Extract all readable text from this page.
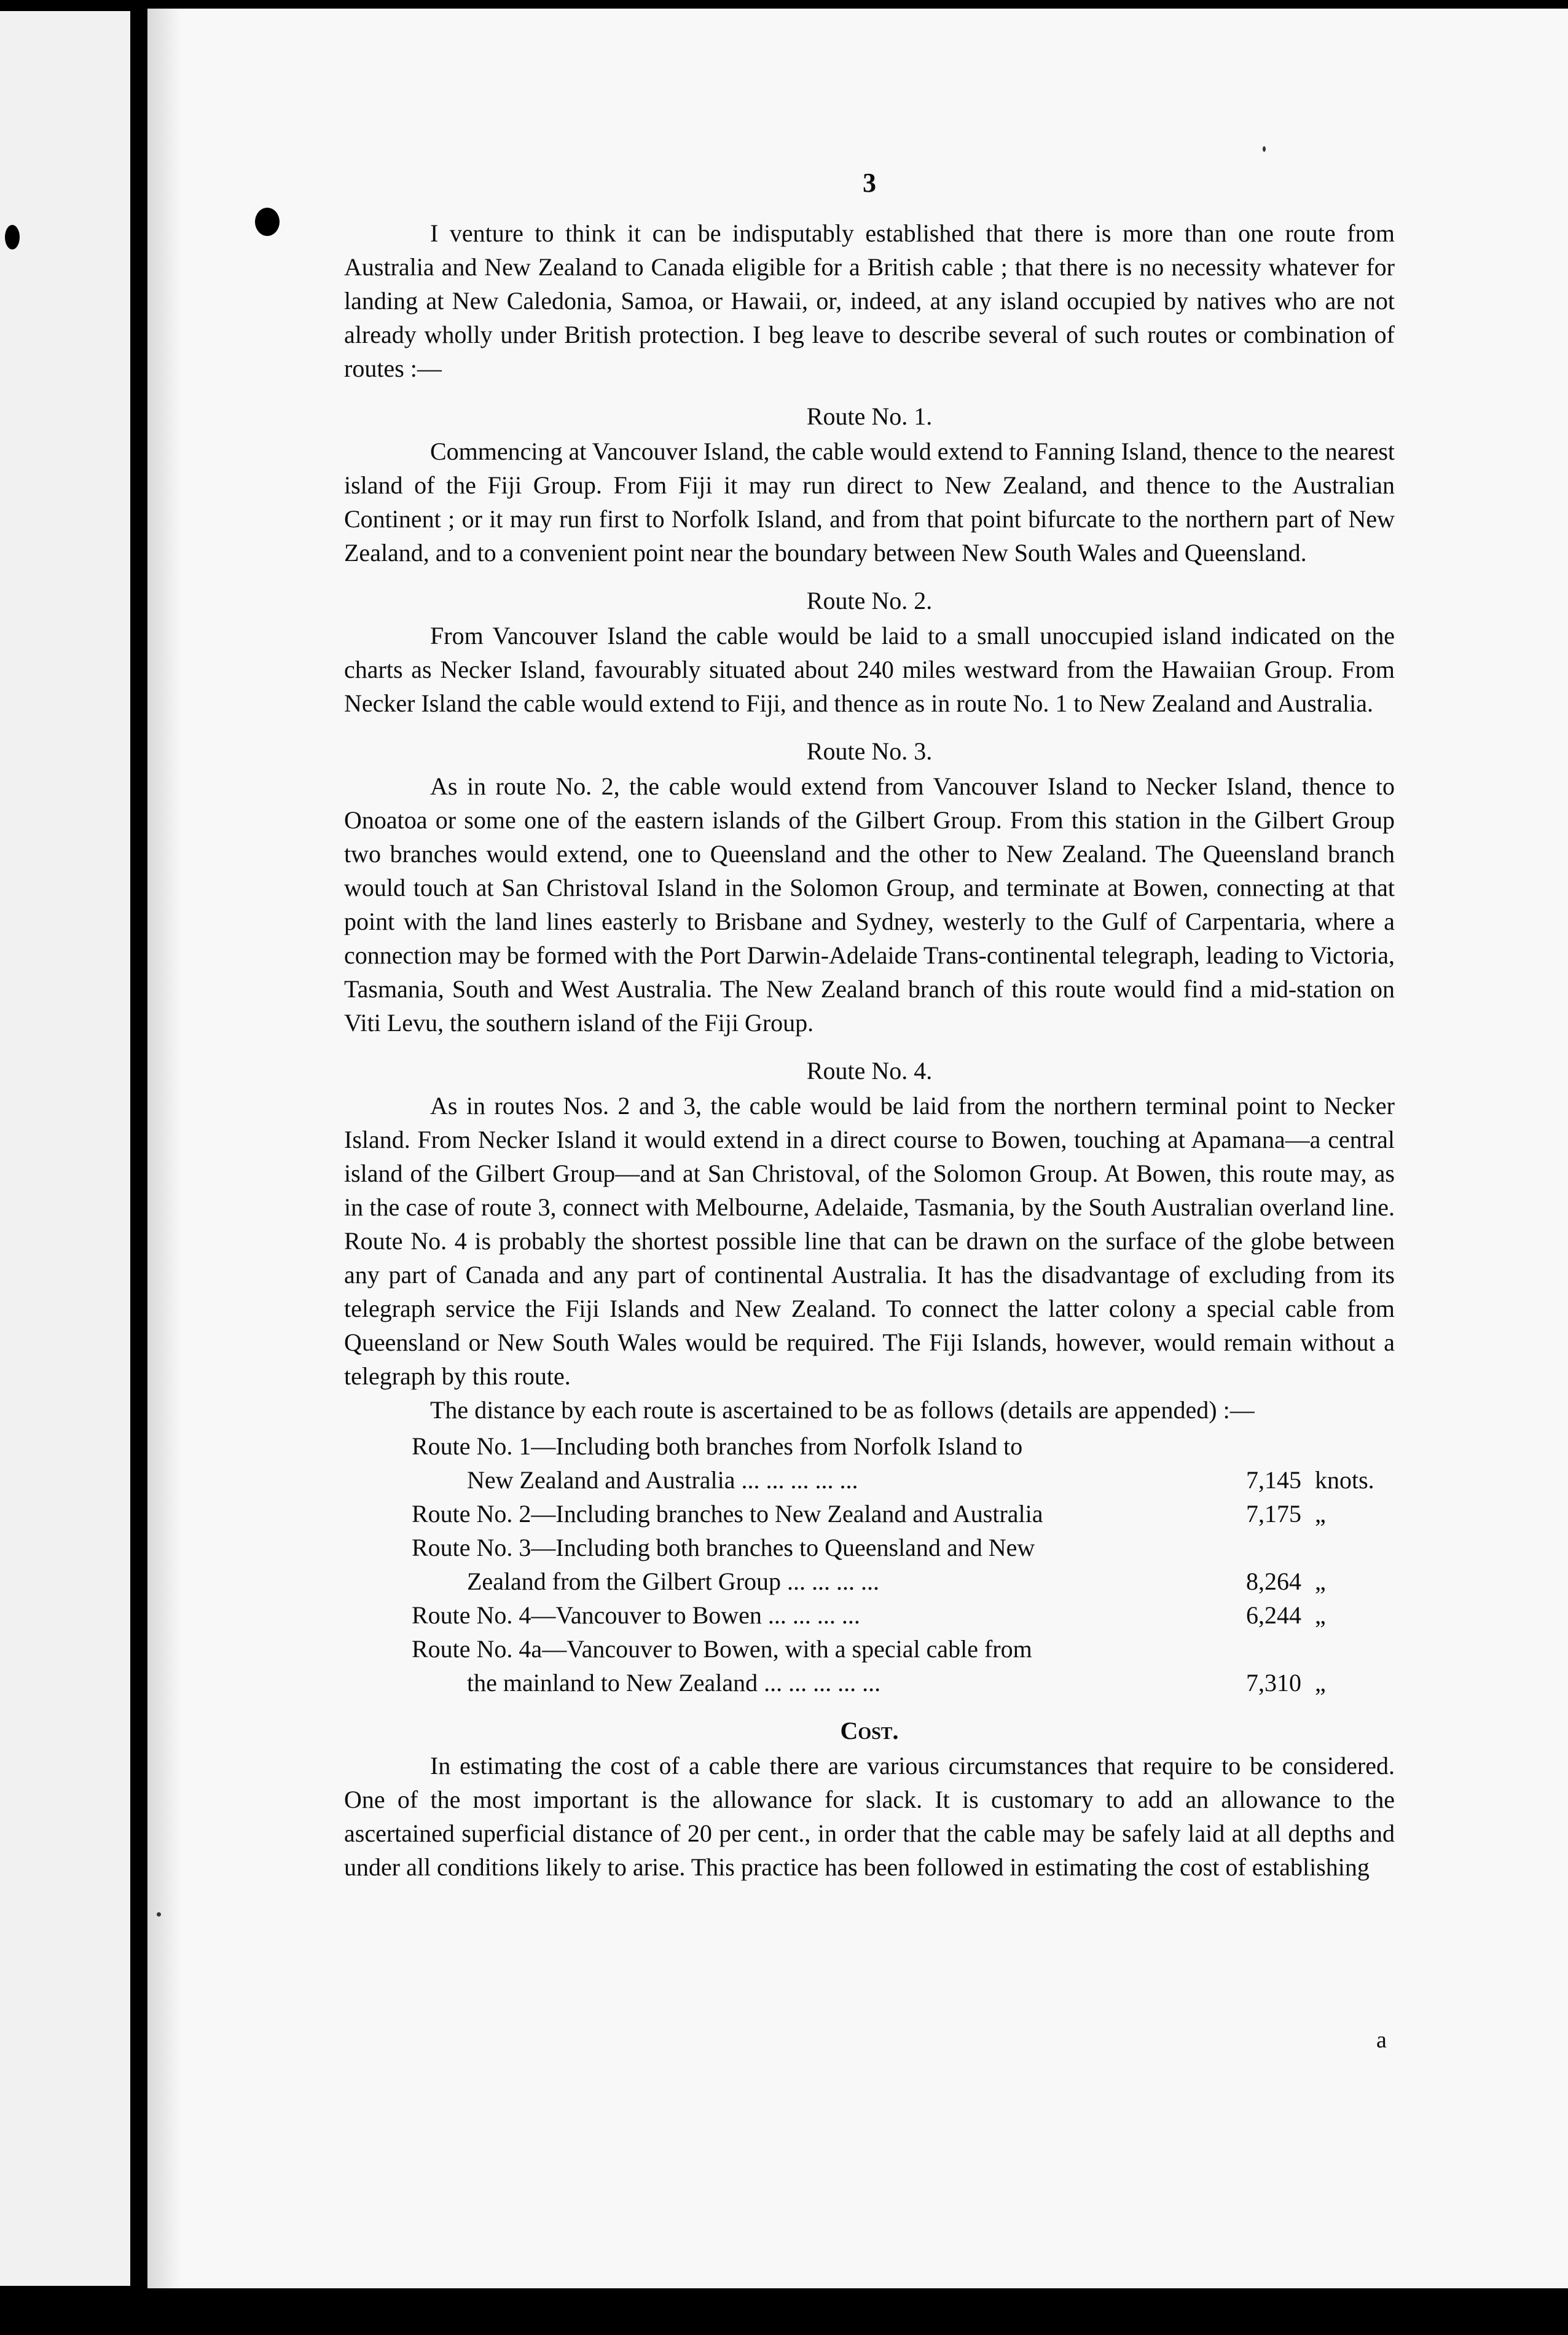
3

I venture to think it can be indisputably established that there is more than one route from Australia and New Zealand to Canada eligible for a British cable ; that there is no necessity whatever for landing at New Caledonia, Samoa, or Hawaii, or, indeed, at any island occupied by natives who are not already wholly under British protection. I beg leave to describe several of such routes or combination of routes :—

Route No. 1.

Commencing at Vancouver Island, the cable would extend to Fanning Island, thence to the nearest island of the Fiji Group. From Fiji it may run direct to New Zealand, and thence to the Australian Continent ; or it may run first to Norfolk Island, and from that point bifurcate to the northern part of New Zealand, and to a convenient point near the boundary between New South Wales and Queensland.

Route No. 2.

From Vancouver Island the cable would be laid to a small unoccupied island indicated on the charts as Necker Island, favourably situated about 240 miles westward from the Hawaiian Group. From Necker Island the cable would extend to Fiji, and thence as in route No. 1 to New Zealand and Australia.

Route No. 3.

As in route No. 2, the cable would extend from Vancouver Island to Necker Island, thence to Onoatoa or some one of the eastern islands of the Gilbert Group. From this station in the Gilbert Group two branches would extend, one to Queensland and the other to New Zealand. The Queensland branch would touch at San Christoval Island in the Solomon Group, and terminate at Bowen, connecting at that point with the land lines easterly to Brisbane and Sydney, westerly to the Gulf of Carpentaria, where a connection may be formed with the Port Darwin-Adelaide Trans-continental telegraph, leading to Victoria, Tasmania, South and West Australia. The New Zealand branch of this route would find a mid-station on Viti Levu, the southern island of the Fiji Group.

Route No. 4.

As in routes Nos. 2 and 3, the cable would be laid from the northern terminal point to Necker Island. From Necker Island it would extend in a direct course to Bowen, touching at Apamana—a central island of the Gilbert Group—and at San Christoval, of the Solomon Group. At Bowen, this route may, as in the case of route 3, connect with Melbourne, Adelaide, Tasmania, by the South Australian overland line. Route No. 4 is probably the shortest possible line that can be drawn on the surface of the globe between any part of Canada and any part of continental Australia. It has the disadvantage of excluding from its telegraph service the Fiji Islands and New Zealand. To connect the latter colony a special cable from Queensland or New South Wales would be required. The Fiji Islands, however, would remain without a telegraph by this route.

The distance by each route is ascertained to be as follows (details are appended) :—

Route No. 1—Including both branches from Norfolk Island to
New Zealand and Australia ... ... ... ... ...	7,145 knots.
Route No. 2—Including branches to New Zealand and Australia	7,175 „
Route No. 3—Including both branches to Queensland and New
Zealand from the Gilbert Group ... ... ... ...	8,264 „
Route No. 4—Vancouver to Bowen ... ... ... ...	6,244 „
Route No. 4a—Vancouver to Bowen, with a special cable from
the mainland to New Zealand ... ... ... ... ...	7,310 „
Cost.

In estimating the cost of a cable there are various circumstances that require to be considered. One of the most important is the allowance for slack. It is customary to add an allowance to the ascertained superficial distance of 20 per cent., in order that the cable may be safely laid at all depths and under all conditions likely to arise. This practice has been followed in estimating the cost of establishing

a
